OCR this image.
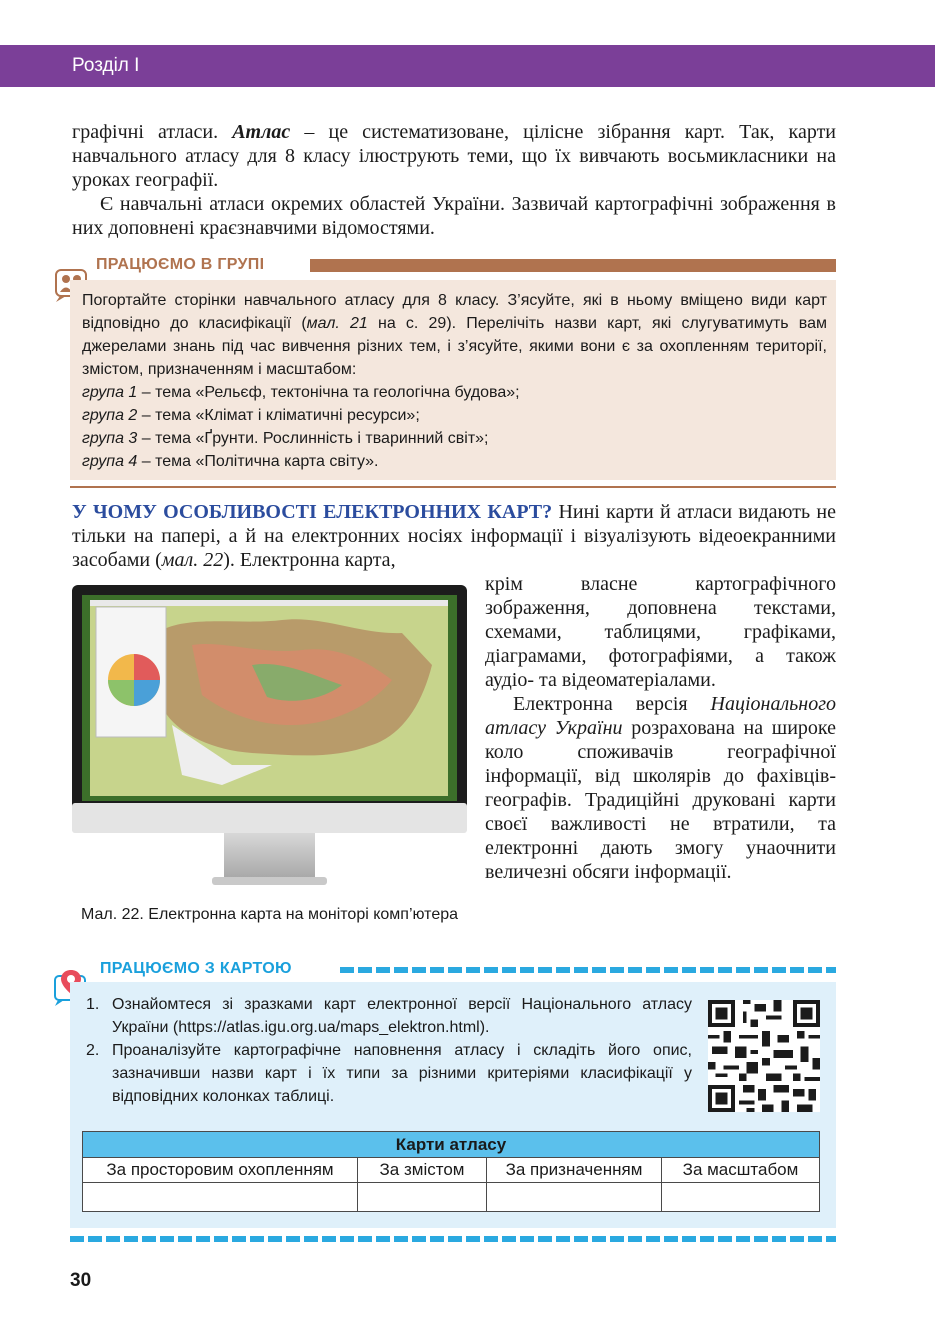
Розділ І

графічні атласи. Атлас – це систематизоване, цілісне зібрання карт. Так, карти навчального атласу для 8 класу ілюструють теми, що їх вивчають восьмикласники на уроках географії.

Є навчальні атласи окремих областей України. Зазвичай картографічні зображення в них доповнені краєзнавчими відомостями.

ПРАЦЮЄМО В ГРУПІ

Погортайте сторінки навчального атласу для 8 класу. З’ясуйте, які в ньому вміщено види карт відповідно до класифікації (мал. 21 на с. 29). Перелічіть назви карт, які слугуватимуть вам джерелами знань під час вивчення різних тем, і з’ясуйте, якими вони є за охопленням території, змістом, призначенням і масштабом:

група 1 – тема «Рельєф, тектонічна та геологічна будова»;

група 2 – тема «Клімат і кліматичні ресурси»;

група 3 – тема «Ґрунти. Рослинність і тваринний світ»;

група 4 – тема «Політична карта світу».

У ЧОМУ ОСОБЛИВОСТІ ЕЛЕКТРОННИХ КАРТ? Нині карти й атласи видають не тільки на папері, а й на електронних носіях інформації і візуалізують відеоекранними засобами (мал. 22). Електронна карта,

крім власне картографічного зображення, доповнена текстами, схемами, таблицями, графіками, діаграмами, фотографіями, а також аудіо- та відеоматеріалами.

Електронна версія Національного атласу України розрахована на широке коло споживачів географічної інформації, від школярів до фахівців-географів. Традиційні друковані карти своєї важливості не втратили, та електронні дають змогу унаочнити величезні обсяги інформації.

Мал. 22. Електронна карта на моніторі комп’ютера
ПРАЦЮЄМО З КАРТОЮ
1. Ознайомтеся зі зразками карт електронної версії Національного атласу України (https://atlas.igu.org.ua/maps_elektron.html).
2. Проаналізуйте картографічне наповнення атласу і складіть його опис, зазначивши назви карт і їх типи за різними критеріями класифікації у відповідних колонках таблиці.
Карти атласу			
За просторовим охопленням	За змістом	За призначенням	За масштабом

30
